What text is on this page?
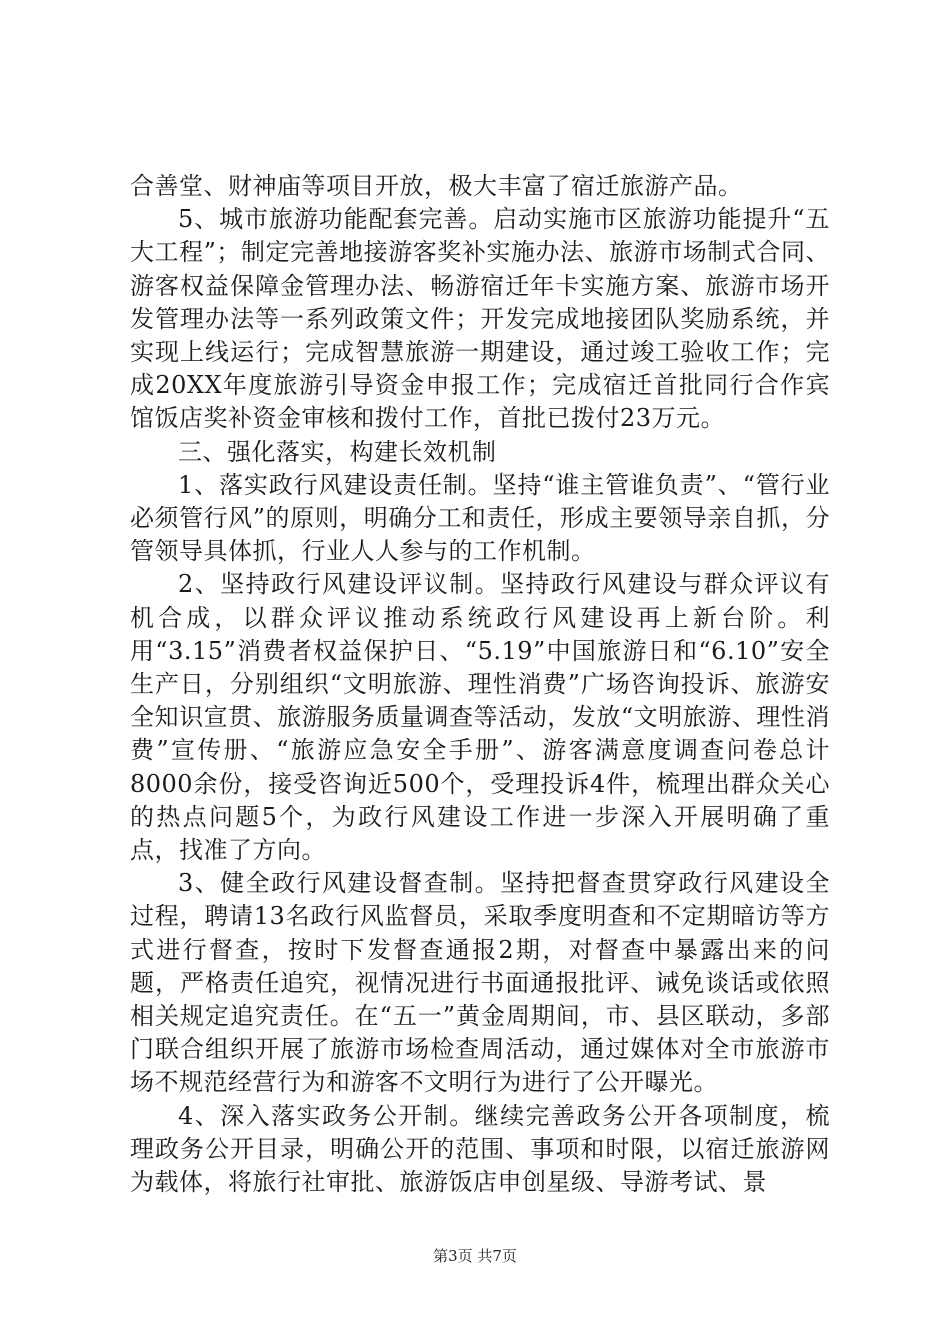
合善堂、财神庙等项目开放，极大丰富了宿迁旅游产品。

5、城市旅游功能配套完善。启动实施市区旅游功能提升“五大工程”；制定完善地接游客奖补实施办法、旅游市场制式合同、游客权益保障金管理办法、畅游宿迁年卡实施方案、旅游市场开发管理办法等一系列政策文件；开发完成地接团队奖励系统，并实现上线运行；完成智慧旅游一期建设，通过竣工验收工作；完成20XX年度旅游引导资金申报工作；完成宿迁首批同行合作宾馆饭店奖补资金审核和拨付工作，首批已拨付23万元。

三、强化落实，构建长效机制

1、落实政行风建设责任制。坚持“谁主管谁负责”、“管行业必须管行风”的原则，明确分工和责任，形成主要领导亲自抓，分管领导具体抓，行业人人参与的工作机制。

2、坚持政行风建设评议制。坚持政行风建设与群众评议有机合成，以群众评议推动系统政行风建设再上新台阶。利用“3.15”消费者权益保护日、“5.19”中国旅游日和“6.10”安全生产日，分别组织“文明旅游、理性消费”广场咨询投诉、旅游安全知识宣贯、旅游服务质量调查等活动，发放“文明旅游、理性消费”宣传册、“旅游应急安全手册”、游客满意度调查问卷总计8000余份，接受咨询近500个，受理投诉4件，梳理出群众关心的热点问题5个，为政行风建设工作进一步深入开展明确了重点，找准了方向。

3、健全政行风建设督查制。坚持把督查贯穿政行风建设全过程，聘请13名政行风监督员，采取季度明查和不定期暗访等方式进行督查，按时下发督查通报2期，对督查中暴露出来的问题，严格责任追究，视情况进行书面通报批评、诫免谈话或依照相关规定追究责任。在“五一”黄金周期间，市、县区联动，多部门联合组织开展了旅游市场检查周活动，通过媒体对全市旅游市场不规范经营行为和游客不文明行为进行了公开曝光。

4、深入落实政务公开制。继续完善政务公开各项制度，梳理政务公开目录，明确公开的范围、事项和时限，以宿迁旅游网为载体，将旅行社审批、旅游饭店申创星级、导游考试、景

第3页 共7页
